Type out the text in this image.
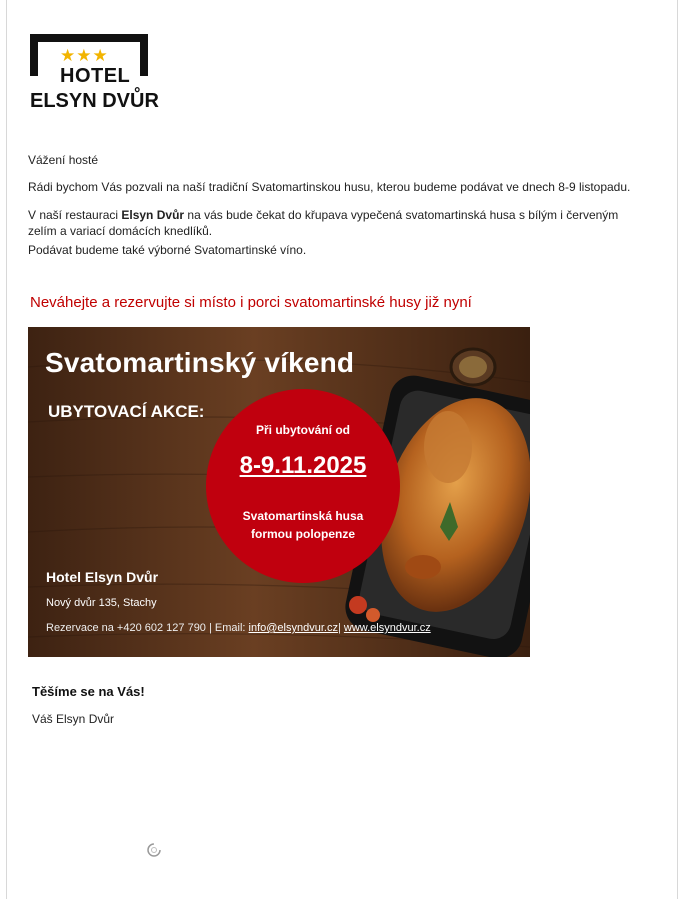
★★★
HOTEL
ELSYN DVŮR
Vážení hosté
Rádi bychom Vás pozvali na naší tradiční Svatomartinskou husu, kterou budeme podávat ve dnech 8-9 listopadu.
V naší restauraci Elsyn Dvůr na vás bude čekat do křupava vypečená svatomartinská husa s bílým i červeným zelím a variací domácích knedlíků.
Podávat budeme také výborné Svatomartinské víno.
Neváhejte a rezervujte si místo i porci svatomartinské husy již nyní
Svatomartinský víkend
UBYTOVACÍ AKCE:
Při ubytování od
8-9.11.2025
Svatomartinská husa
formou polopenze
Hotel Elsyn Dvůr
Nový dvůr 135, Stachy
Rezervace na +420 602 127 790 | Email: info@elsyndvur.cz| www.elsyndvur.cz
Těšíme se na Vás!
Váš Elsyn Dvůr
